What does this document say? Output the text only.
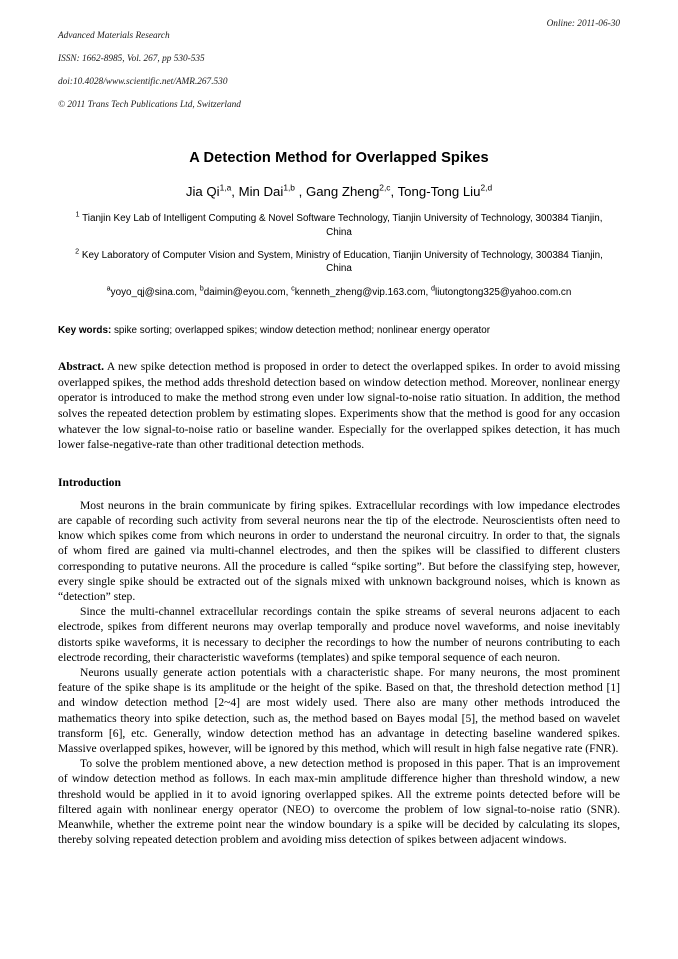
Advanced Materials Research

ISSN: 1662-8985, Vol. 267, pp 530-535

doi:10.4028/www.scientific.net/AMR.267.530

© 2011 Trans Tech Publications Ltd, Switzerland

Online: 2011-06-30
A Detection Method for Overlapped Spikes
Jia Qi$^{1,a}$, Min Dai$^{1,b}$ , Gang Zheng$^{2,c}$, Tong-Tong Liu$^{2,d}$
$^1$ Tianjin Key Lab of Intelligent Computing & Novel Software Technology, Tianjin University of Technology, 300384 Tianjin, China
$^2$ Key Laboratory of Computer Vision and System, Ministry of Education, Tianjin University of Technology, 300384 Tianjin, China
$^a$yoyo_qj@sina.com, $^b$daimin@eyou.com, $^c$kenneth_zheng@vip.163.com, $^d$liutongtong325@yahoo.com.cn
Key words: spike sorting; overlapped spikes; window detection method; nonlinear energy operator
Abstract. A new spike detection method is proposed in order to detect the overlapped spikes. In order to avoid missing overlapped spikes, the method adds threshold detection based on window detection method. Moreover, nonlinear energy operator is introduced to make the method strong even under low signal-to-noise ratio situation. In addition, the method solves the repeated detection problem by estimating slopes. Experiments show that the method is good for any occasion whatever the low signal-to-noise ratio or baseline wander. Especially for the overlapped spikes detection, it has much lower false-negative-rate than other traditional detection methods.
Introduction

Most neurons in the brain communicate by firing spikes. Extracellular recordings with low impedance electrodes are capable of recording such activity from several neurons near the tip of the electrode. Neuroscientists often need to know which spikes come from which neurons in order to understand the neuronal circuitry. In order to that, the signals of whom fired are gained via multi-channel electrodes, and then the spikes will be classified to different clusters corresponding to putative neurons. All the procedure is called “spike sorting”. But before the classifying step, however, every single spike should be extracted out of the signals mixed with unknown background noises, which is known as “detection” step.

Since the multi-channel extracellular recordings contain the spike streams of several neurons adjacent to each electrode, spikes from different neurons may overlap temporally and produce novel waveforms, and noise inevitably distorts spike waveforms, it is necessary to decipher the recordings to how the number of neurons contributing to each electrode recording, their characteristic waveforms (templates) and spike temporal sequence of each neuron.

Neurons usually generate action potentials with a characteristic shape. For many neurons, the most prominent feature of the spike shape is its amplitude or the height of the spike. Based on that, the threshold detection method [1] and window detection method [2~4] are most widely used. There also are many other methods introduced the mathematics theory into spike detection, such as, the method based on Bayes modal [5], the method based on wavelet transform [6], etc. Generally, window detection method has an advantage in detecting baseline wandered spikes. Massive overlapped spikes, however, will be ignored by this method, which will result in high false negative rate (FNR).

To solve the problem mentioned above, a new detection method is proposed in this paper. That is an improvement of window detection method as follows. In each max-min amplitude difference higher than threshold window, a new threshold would be applied in it to avoid ignoring overlapped spikes. All the extreme points detected before will be filtered again with nonlinear energy operator (NEO) to overcome the problem of low signal-to-noise ratio (SNR). Meanwhile, whether the extreme point near the window boundary is a spike will be decided by calculating its slopes, thereby solving repeated detection problem and avoiding miss detection of spikes between adjacent windows.
